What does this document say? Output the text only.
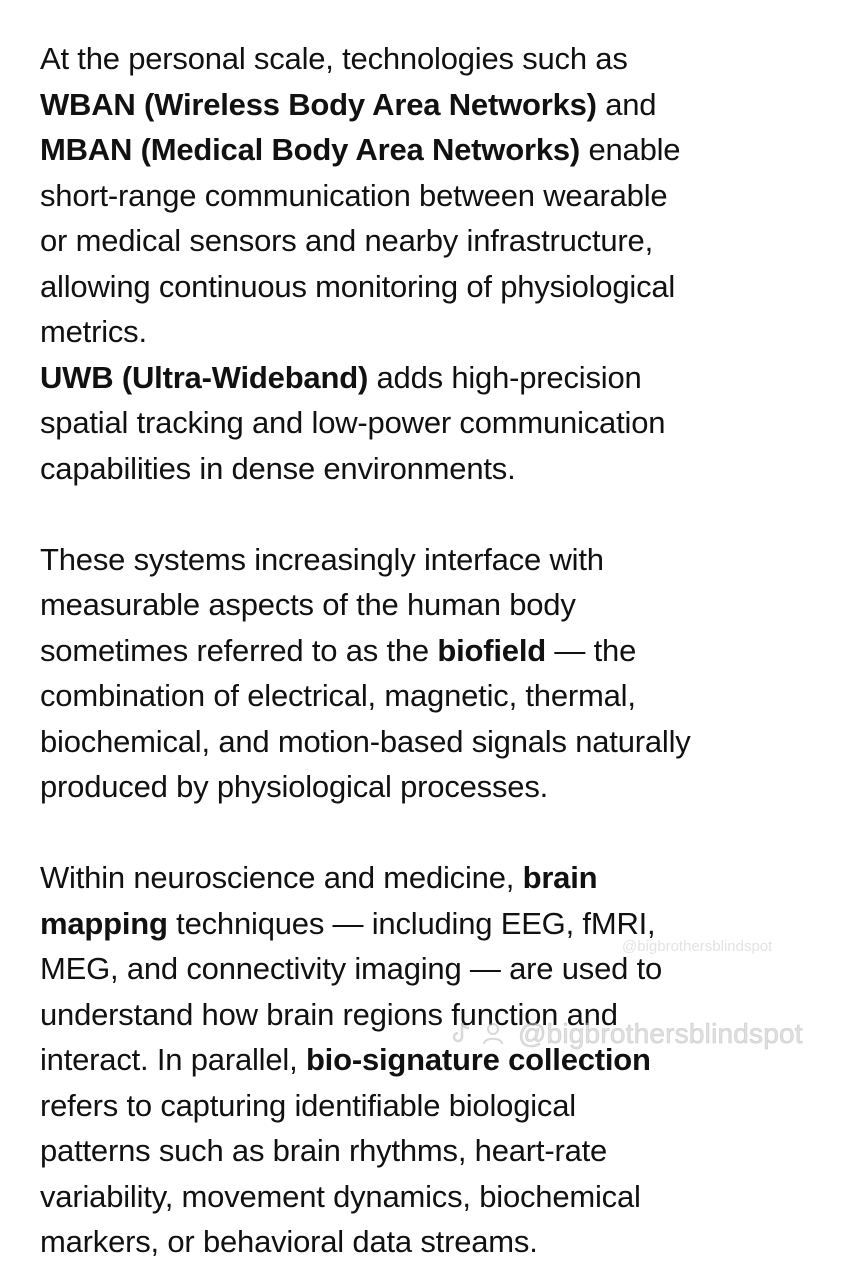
At the personal scale, technologies such as
WBAN (Wireless Body Area Networks) and
MBAN (Medical Body Area Networks) enable
short-range communication between wearable
or medical sensors and nearby infrastructure,
allowing continuous monitoring of physiological
metrics.
UWB (Ultra-Wideband) adds high-precision
spatial tracking and low-power communication
capabilities in dense environments.
These systems increasingly interface with
measurable aspects of the human body
sometimes referred to as the biofield — the
combination of electrical, magnetic, thermal,
biochemical, and motion-based signals naturally
produced by physiological processes.
Within neuroscience and medicine, brain
mapping techniques — including EEG, fMRI,
MEG, and connectivity imaging — are used to
understand how brain regions function and
interact. In parallel, bio-signature collection
refers to capturing identifiable biological
patterns such as brain rhythms, heart-rate
variability, movement dynamics, biochemical
markers, or behavioral data streams.
@bigbrothersblindspot
@bigbrothersblindspot
